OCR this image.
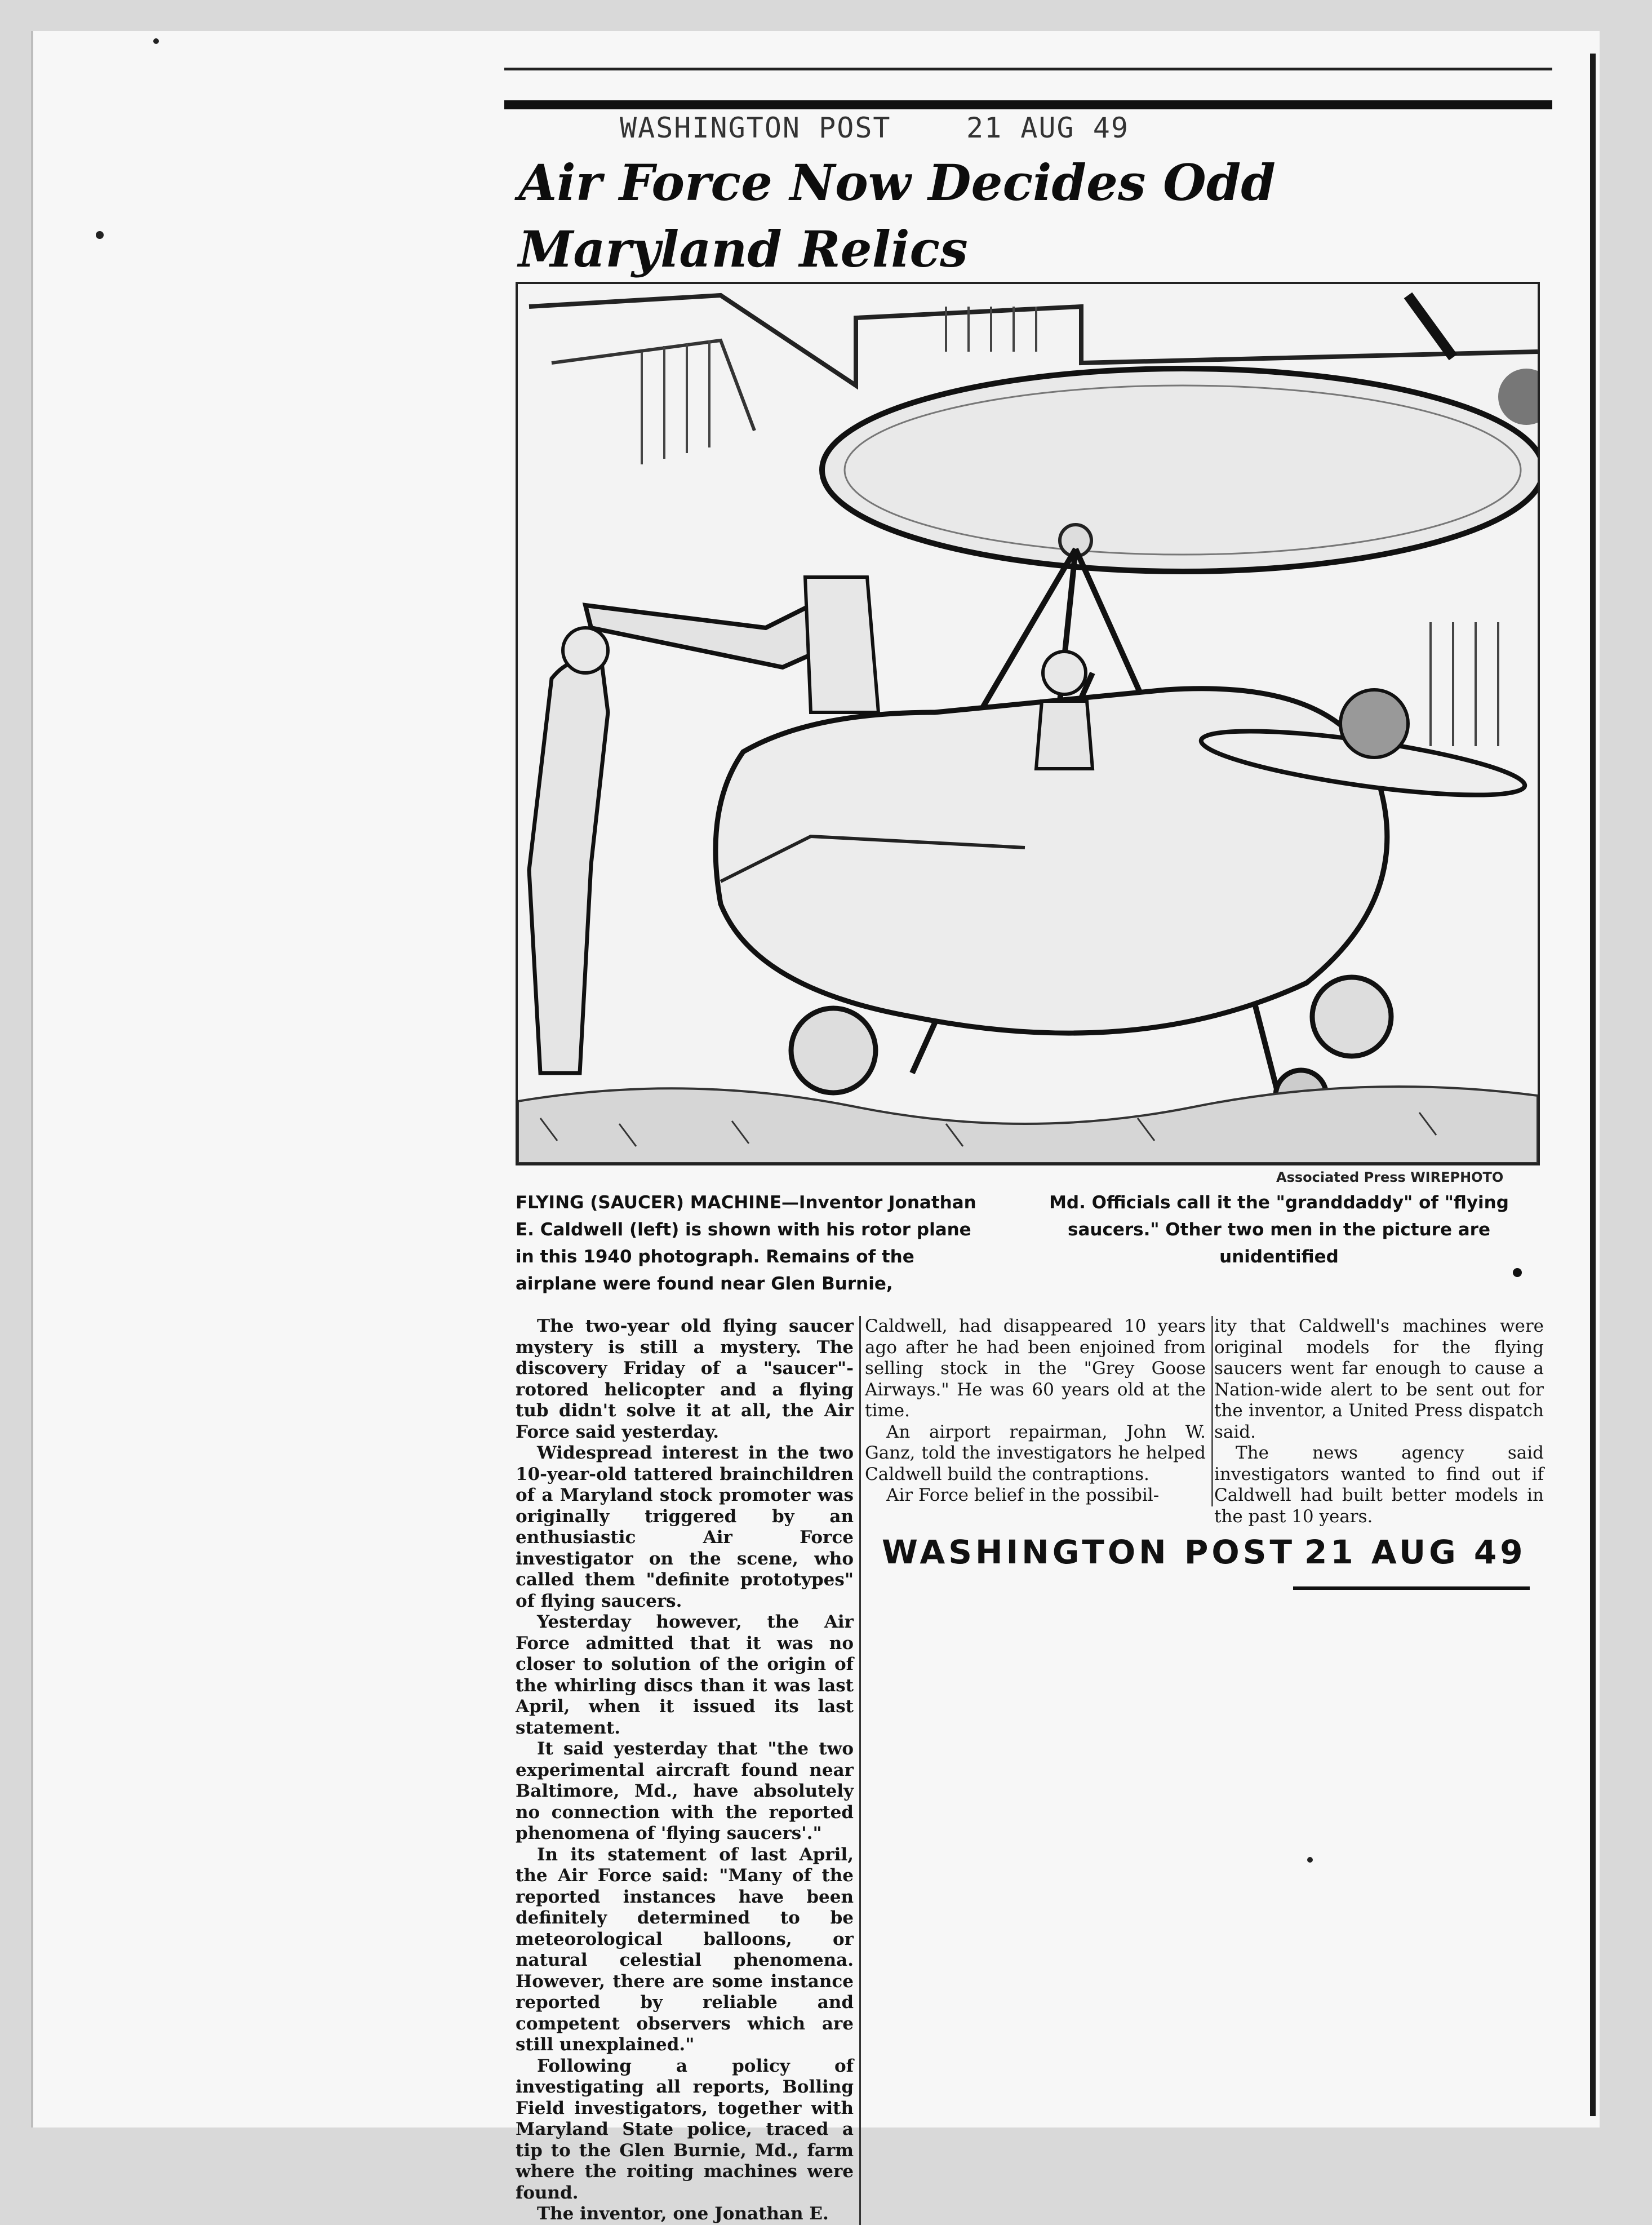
WASHINGTON POST	21 AUG 49
Air Force Now Decides Odd Maryland Relics
Associated Press WIREPHOTO
FLYING (SAUCER) MACHINE—Inventor Jonathan E. Caldwell (left) is shown with his rotor plane in this 1940 photograph. Remains of the airplane were found near Glen Burnie,
Md. Officials call it the "granddaddy" of "flying saucers." Other two men in the picture are unidentified

The two-year old flying saucer mystery is still a mystery. The discovery Friday of a "saucer"-rotored helicopter and a flying tub didn't solve it at all, the Air Force said yesterday.

Widespread interest in the two 10-year-old tattered brainchildren of a Maryland stock promoter was originally triggered by an enthusiastic Air Force investigator on the scene, who called them "definite prototypes" of flying saucers.

Yesterday however, the Air Force admitted that it was no closer to solution of the origin of the whirling discs than it was last April, when it issued its last statement.

It said yesterday that "the two experimental aircraft found near Baltimore, Md., have absolutely no connection with the reported phenomena of 'flying saucers'."

In its statement of last April, the Air Force said: "Many of the reported instances have been definitely determined to be meteorological balloons, or natural celestial phenomena. However, there are some instance reported by reliable and competent observers which are still unexplained."

Following a policy of investigating all reports, Bolling Field investigators, together with Maryland State police, traced a tip to the Glen Burnie, Md., farm where the roiting machines were found.

The inventor, one Jonathan E.

Caldwell, had disappeared 10 years ago after he had been enjoined from selling stock in the "Grey Goose Airways." He was 60 years old at the time.

An airport repairman, John W. Ganz, told the investigators he helped Caldwell build the contraptions.

Air Force belief in the possibil-

ity that Caldwell's machines were original models for the flying saucers went far enough to cause a Nation-wide alert to be sent out for the inventor, a United Press dispatch said.

The news agency said investigators wanted to find out if Caldwell had built better models in the past 10 years.

WASHINGTON POST 21 AUG 49
